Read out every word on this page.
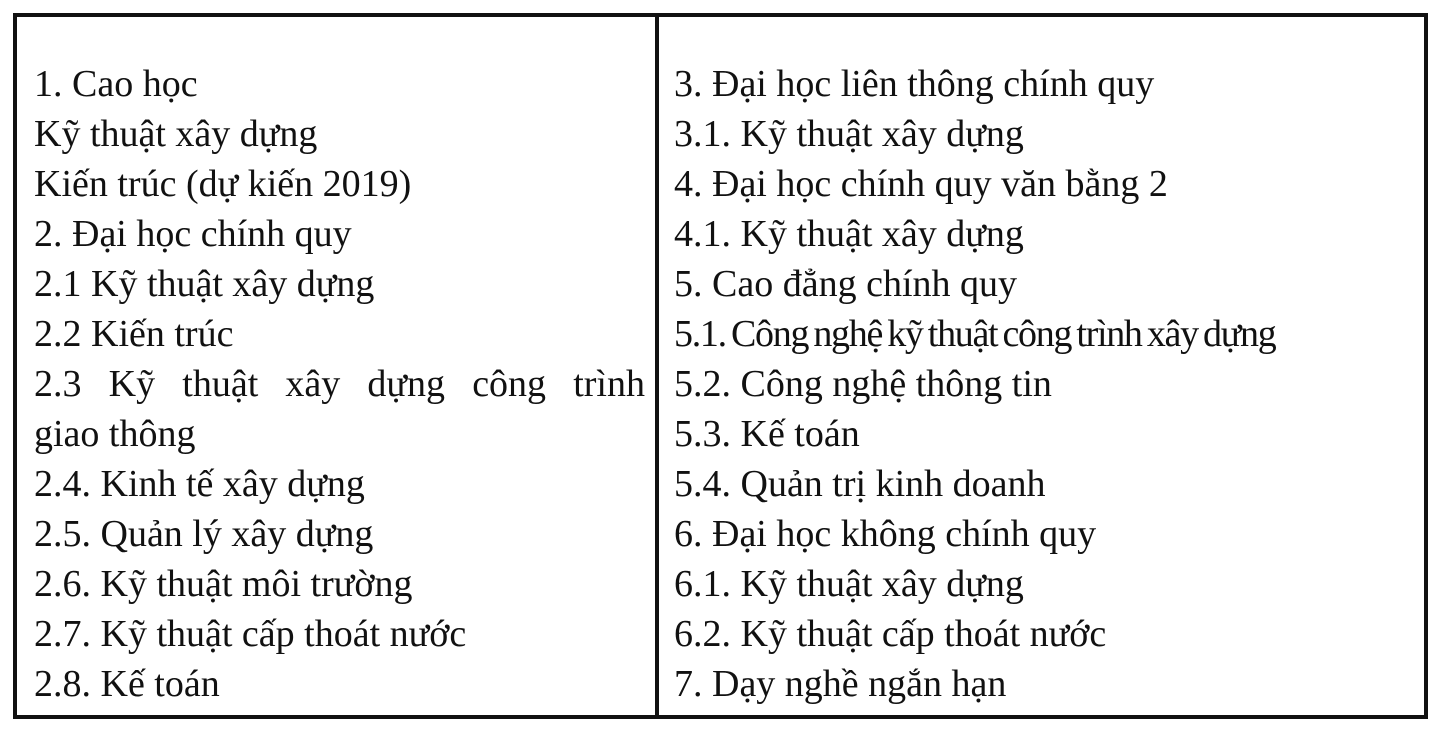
1. Cao học
Kỹ thuật xây dựng
Kiến trúc (dự kiến 2019)
2. Đại học chính quy
2.1 Kỹ thuật xây dựng
2.2 Kiến trúc
2.3 Kỹ thuật xây dựng công trình
giao thông
2.4. Kinh tế xây dựng
2.5. Quản lý xây dựng
2.6. Kỹ thuật môi trường
2.7. Kỹ thuật cấp thoát nước
2.8. Kế toán
3. Đại học liên thông chính quy
3.1. Kỹ thuật xây dựng
4. Đại học chính quy văn bằng 2
4.1. Kỹ thuật xây dựng
5. Cao đẳng chính quy
5.1. Công nghệ kỹ thuật công trình xây dựng
5.2. Công nghệ thông tin
5.3. Kế toán
5.4. Quản trị kinh doanh
6. Đại học không chính quy
6.1. Kỹ thuật xây dựng
6.2. Kỹ thuật cấp thoát nước
7. Dạy nghề ngắn hạn
